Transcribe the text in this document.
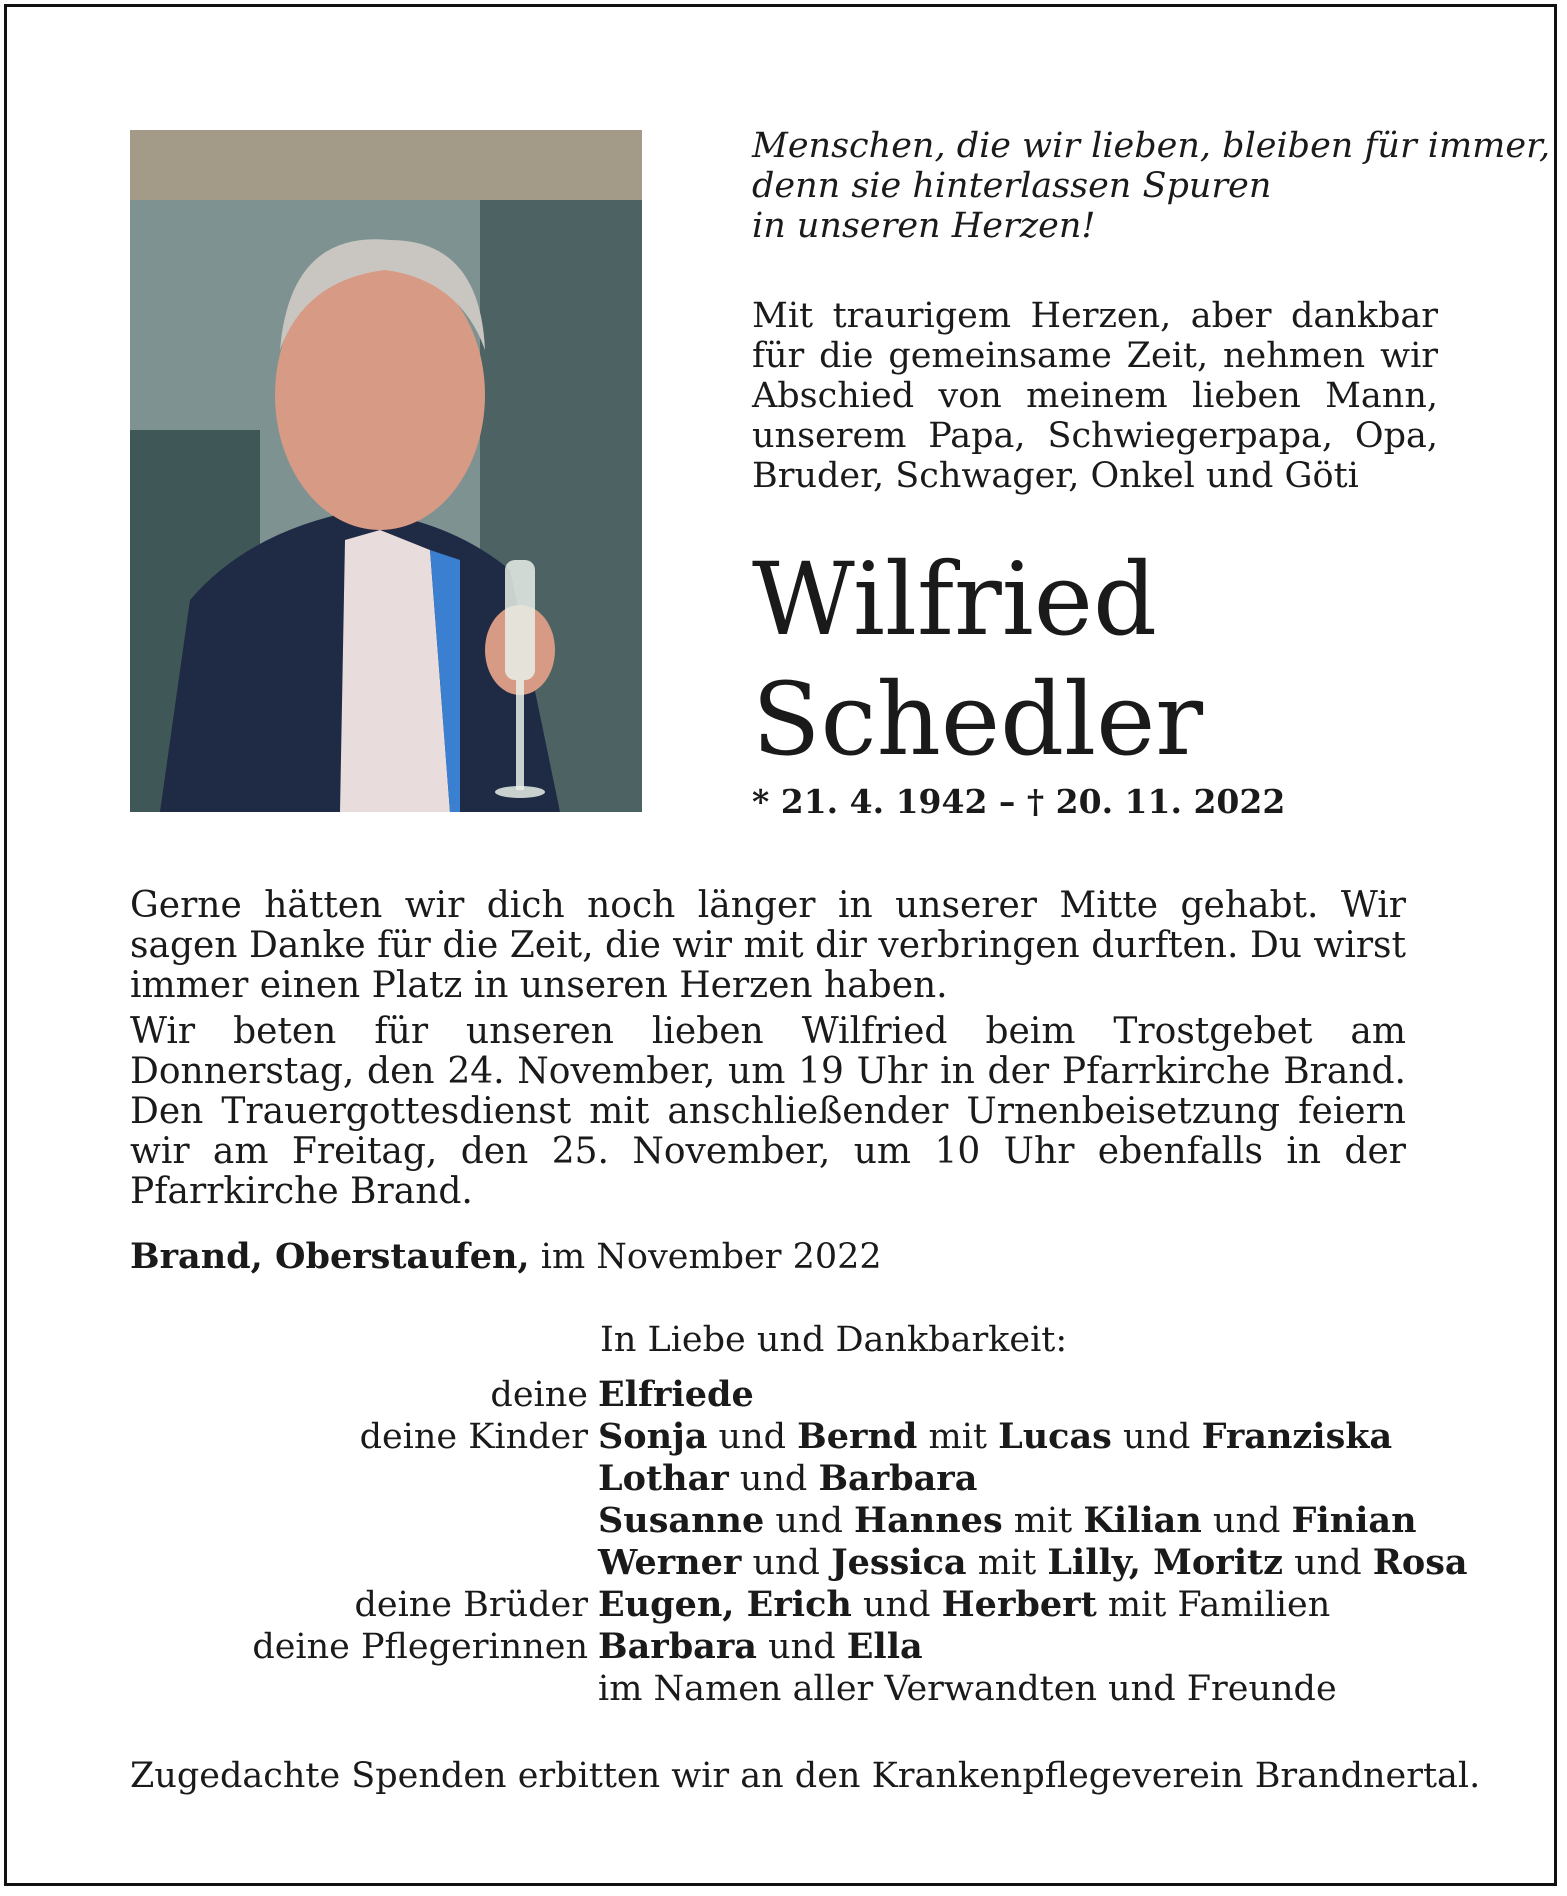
Menschen, die wir lieben, bleiben für immer,
denn sie hinterlassen Spuren
in unseren Herzen!
Mit traurigem Herzen, aber dankbar für die gemeinsame Zeit, nehmen wir Abschied von meinem lieben Mann, unserem Papa, Schwiegerpapa, Opa, Bruder, Schwager, Onkel und Göti
Wilfried
Schedler
* 21. 4. 1942 – † 20. 11. 2022

Gerne hätten wir dich noch länger in unserer Mitte gehabt. Wir sagen Danke für die Zeit, die wir mit dir verbringen durften. Du wirst immer einen Platz in unseren Herzen haben.

Wir beten für unseren lieben Wilfried beim Trostgebet am Donnerstag, den 24. November, um 19 Uhr in der Pfarrkirche Brand. Den Trauergottesdienst mit anschließender Urnenbeisetzung feiern wir am Freitag, den 25. November, um 10 Uhr ebenfalls in der Pfarrkirche Brand.

Brand, Oberstaufen, im November 2022
In Liebe und Dankbarkeit:
deine Elfriede
deine Kinder Sonja und Bernd mit Lucas und Franziska
Lothar und Barbara
Susanne und Hannes mit Kilian und Finian
Werner und Jessica mit Lilly, Moritz und Rosa
deine Brüder Eugen, Erich und Herbert mit Familien
deine Pflegerinnen Barbara und Ella
im Namen aller Verwandten und Freunde
Zugedachte Spenden erbitten wir an den Krankenpflegeverein Brandnertal.
